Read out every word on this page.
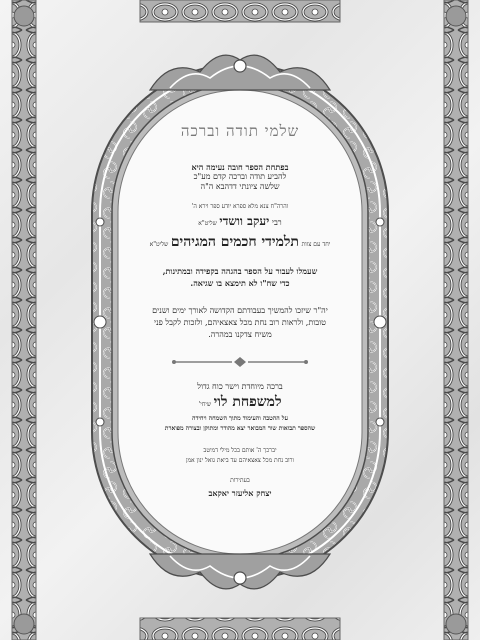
שלמי תודה וברכה
בפתחת הספר חובה נעימה היא
להביע תודה וברכה קדם מע"כ
שלשה ציונתי דדהבא ה"ה
והרה"ח צנא מלא ספרא יודע ספר וירא ה'
רבי יעקב וושדי שליט"א
יחד עם צוות תלמידי חכמים המגיהים שליט"א
שעמלו לעבור על הספר בהגהה בקפידה ובמתינות,
כדי שח"ו לא תימצא בו שגיאה.
יה"ר שיזכו להמשיך בעבודתם הקדושה לאורך ימים ושנים
טובות, ולראות רוב נחת מכל צאצאיהם, ולזכות לקבל פני
משיח צדקנו במהרה.
ברכה מיוחדת וישר כוח גדול
למשפחת לוי שיחי'
על ההטבה והעימוד מתוך השמחה ויחידה
שהספר תבואות שור המבואר יצא מהודר ומתוקן ובצורה מפוארת
יברכך ה' אותם בכל מילי דמיטב
ורוב נחת מכל צאצאיהם עד ביאת גואל ינון אמן
בעתירות
יצחק אליעזר יאקאב
